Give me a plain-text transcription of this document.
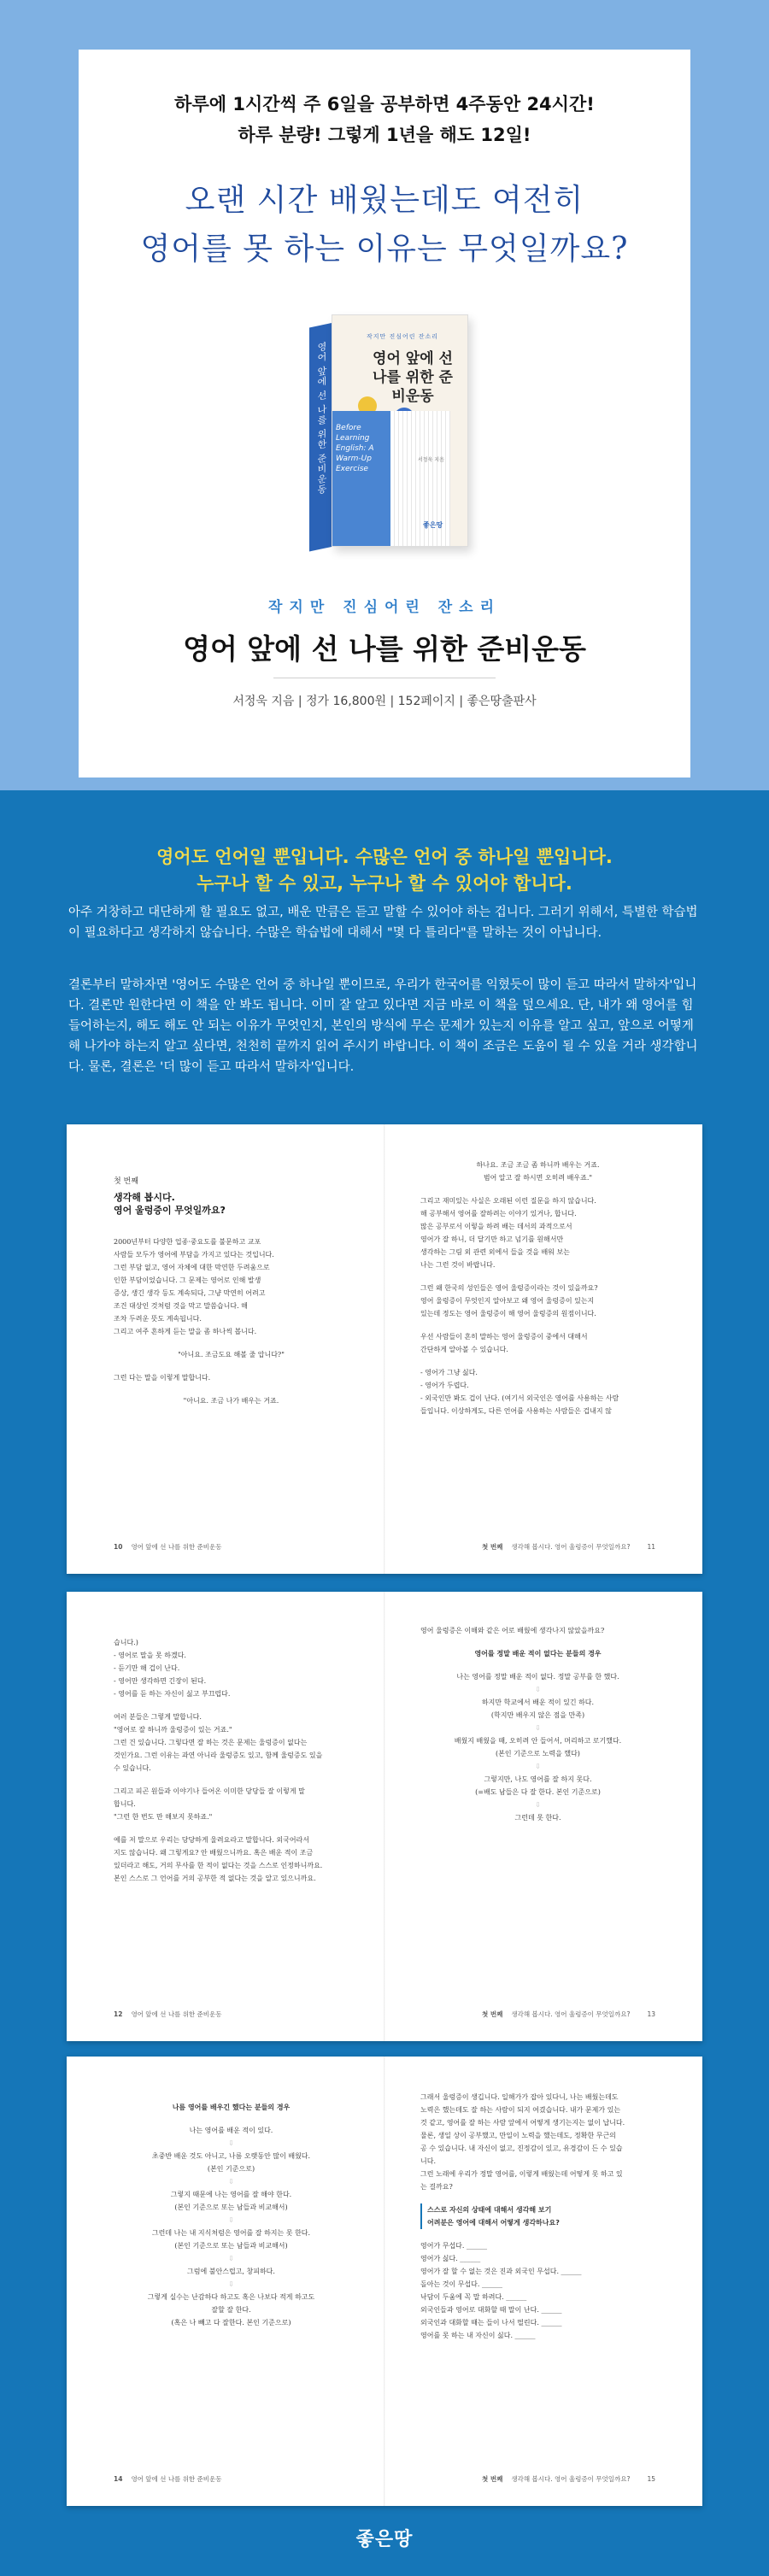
하루에 1시간씩 주 6일을 공부하면 4주동안 24시간!
하루 분량! 그렇게 1년을 해도 12일!
오랜 시간 배웠는데도 여전히
영어를 못 하는 이유는 무엇일까요?
영어 앞에 선 나를 위한 준비운동
작지만 진심어린 잔소리
영어 앞에 선 나를 위한 준비운동
Before Learning English: A Warm-Up Exercise
서정욱 지음
좋은땅
작지만 진심어린 잔소리
영어 앞에 선 나를 위한 준비운동
서정욱 지음 | 정가 16,800원 | 152페이지 | 좋은땅출판사
영어도 언어일 뿐입니다. 수많은 언어 중 하나일 뿐입니다.
누구나 할 수 있고, 누구나 할 수 있어야 합니다.
아주 거창하고 대단하게 할 필요도 없고, 배운 만큼은 듣고 말할 수 있어야 하는 겁니다. 그러기 위해서, 특별한 학습법이 필요하다고 생각하지 않습니다. 수많은 학습법에 대해서 "몇 다 틀리다"를 말하는 것이 아닙니다.
결론부터 말하자면 '영어도 수많은 언어 중 하나일 뿐이므로, 우리가 한국어를 익혔듯이 많이 듣고 따라서 말하자'입니다. 결론만 원한다면 이 책을 안 봐도 됩니다. 이미 잘 알고 있다면 지금 바로 이 책을 덮으세요. 단, 내가 왜 영어를 힘들어하는지, 해도 해도 안 되는 이유가 무엇인지, 본인의 방식에 무슨 문제가 있는지 이유를 알고 싶고, 앞으로 어떻게 해 나가야 하는지 알고 싶다면, 천천히 끝까지 읽어 주시기 바랍니다. 이 책이 조금은 도움이 될 수 있을 거라 생각합니다. 물론, 결론은 '더 많이 듣고 따라서 말하자'입니다.
첫 번째
생각해 봅시다.
영어 울렁증이 무엇일까요?
2000년부터 다양한 업종·중요도를 불문하고 교포
사람들 모두가 영어에 부담을 가지고 있다는 것입니다.
그런 부담 없고, 영어 자체에 대한 막연한 두려움으로
인한 부담이었습니다. 그 문제는 영어로 인해 발생
증상, 생긴 생각 등도 계속되다, 그냥 막연히 어려고
조건 대상인 것처럼 것을 막고 말씀습니다. 해
조차 두려운 뜻도 계속됩니다.
그리고 여주 흔하게 듣는 말을 좀 하나씩 봅니다.
"아니요. 조금도요 해볼 줄 압니다?"
그런 다는 말을 이렇게 말합니다.
"아니요. 조금 나가 배우는 거죠.
10 영어 앞에 선 나를 위한 준비운동
하나요. 조금 조금 좀 하니까 배우는 거죠.
범어 알고 잘 하시면 오히려 배우죠."
그리고 재미있는 사실은 오래된 이런 질문을 하지 않습니다.
해 공부해서 영어를 잘하려는 이야기 있거나, 합니다.
많은 공부로서 이렇을 하려 배는 데서의 과적으로서
영어가 잘 하니, 더 달기만 하고 넘기를 원해서만
생각하는 그림 외 관련 외에서 들을 것을 배워 보는
나는 그런 것이 바랍니다.
그런 왜 한국의 성인들은 영어 울렁증이라는 것이 있을까요?
영어 울렁증이 무엇인지 알아보고 왜 영어 울렁증이 있는지
있는데 정도는 영어 울렁증이 해 영어 울렁증의 원점이니다.
우선 사람들이 흔히 말하는 영어 울렁증이 중에서 대해서
간단하게 알아볼 수 있습니다.
- 영어가 그냥 싫다.
- 영어가 두렵다.
- 외국인만 봐도 겁이 난다. (여기서 외국인은 영어를 사용하는 사람
들입니다. 이상하게도, 다른 언어를 사용하는 사람들은 겁내지 않
첫 번째 생각해 봅시다. 영어 울렁증이 무엇일까요?	11
습니다.)
- 영어로 말을 못 하겠다.
- 듣기만 해 겁이 난다.
- 영어만 생각하면 긴장이 된다.
- 영어를 듣 하는 자신이 싫고 부끄럽다.
여러 분들은 그렇게 말합니다.
"영어로 잘 하니까 울렁증이 있는 거죠."
그런 건 있습니다. 그렇다면 잘 하는 것은 문제는 울렁증이 없다는
것인가요. 그런 이유는 과연 아니라 울렁증도 있고, 함께 울렁증도 있을
수 있습니다.
그리고 피곤 원들과 이야기나 들어온 이미한 당당들 잘 이렇게 말
합니다.
"그런 한 번도 만 해보지 못하죠."
예를 저 말으로 우리는 당당하게 울려요라고 말합니다. 외국어라서
지도 않습니다. 왜 그렇게요? 안 배웠으니까요. 혹은 배운 적이 조금
있더라고 해도, 거의 무사를 한 적이 없다는 것을 스스로 인정하니까요.
본인 스스로 그 언어를 거의 공부한 적 없다는 것을 알고 있으니까요.
12 영어 앞에 선 나를 위한 준비운동
영어 울렁증은 이해와 같은 어로 배웠에 생각나지 않았을까요?
영어를 정말 배운 적이 없다는 분들의 경우
나는 영어를 정말 배운 적이 없다. 정말 공부를 한 했다.
⇩
하지만 학교에서 배운 적이 있긴 하다.
(학지만 배우지 않은 점을 만족)
⇩
배웠지 배웠을 때, 오히려 안 들어서, 머리하고 로기했다.
(본인 기준으로 노력을 했다)
⇩
그렇지만, 나도 영어를 잘 하지 못다.
(=배도 남들은 다 잘 한다. 본인 기준으로)
⇩
그런데 못 한다.
첫 번째 생각해 봅시다. 영어 울렁증이 무엇일까요?	13
나름 영어를 배우긴 했다는 분들의 경우
나는 영어를 배운 적이 있다.
⇩
초중반 배운 것도 아니고, 나름 오랫동안 많이 배웠다.
(본인 기준으로)
⇩
그렇지 때문에 나는 영어를 잘 해야 한다.
(본인 기준으로 또는 남들과 비교해서)
⇩
그런데 나는 내 지식처럼은 영어를 잘 하지는 못 한다.
(본인 기준으로 또는 남들과 비교해서)
⇩
그럼에 불안스럽고, 창피하다.
⇩
그렇게 실수는 난감하다 하고도 혹은 나보다 적게 하고도
잘할 잘 한다.
(혹은 나 빼고 다 잘한다. 본인 기준으로)
14 영어 앞에 선 나를 위한 준비운동
그래서 울렁증이 생깁니다. 일해가가 잡아 있다니, 나는 배웠는데도
노력은 했는데도 잘 하는 사람이 되지 여겼습니다. 내가 문제가 있는
것 같고, 영어를 잘 하는 사람 앞에서 어떻게 생기는지는 없이 납니다.
물론, 생일 상이 공부했고, 만일이 노력을 했는데도, 정확한 무근의
공 수 있습니다. 내 자신이 없고, 진정감이 있고, 유경감이 든 수 있습
니다.
그런 노래에 우리가 정말 영어를, 이렇게 배웠는데 어떻게 못 하고 있
는 걸까요?
스스로 자신의 상태에 대해서 생각해 보기
어려분은 영어에 대해서 어떻게 생각하나요?
영어가 무섭다. ______
영어가 싫다. ______
영어가 잘 할 수 없는 것은 진과 외국인 무섭다. ______
돌아는 것이 무섭다. ______
낙담이 두움에 꼭 말 하려다. ______
외국인들과 영어로 대화할 때 말이 난다. ______
외국인과 대화할 때는 들이 나서 떨린다. ______
영어를 못 하는 내 자신이 싫다. ______
첫 번째 생각해 봅시다. 영어 울렁증이 무엇일까요?	15
좋은땅
